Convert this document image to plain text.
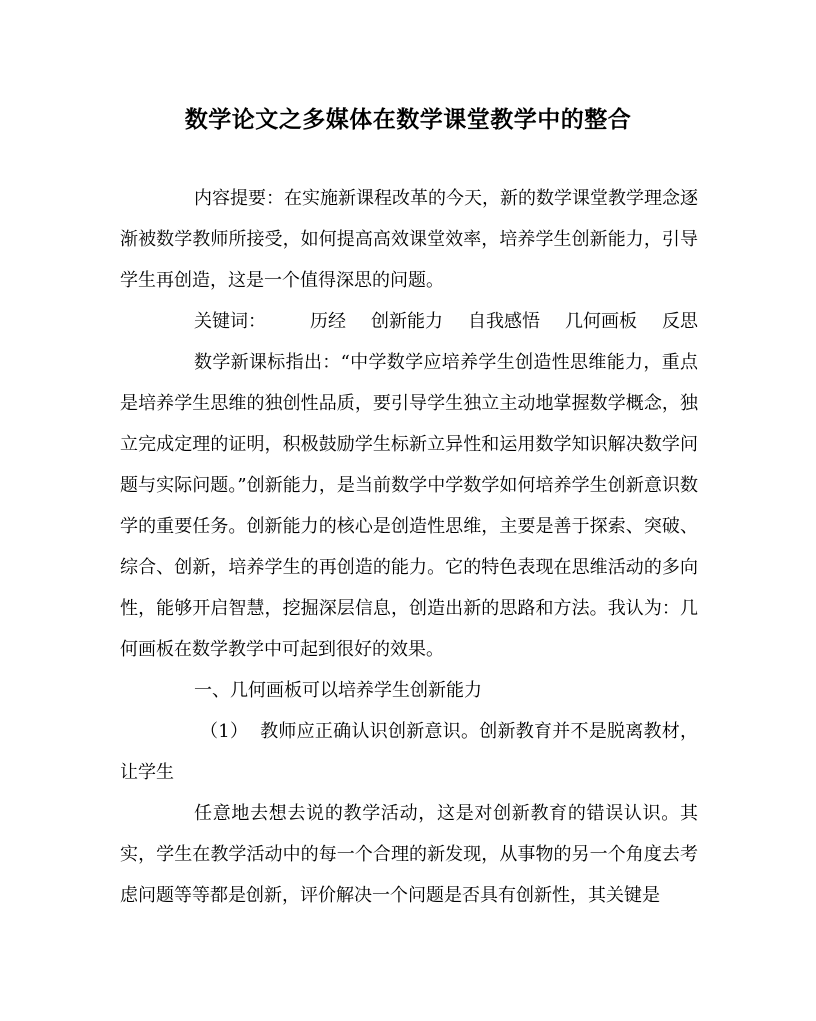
数学论文之多媒体在数学课堂教学中的整合

内容提要：在实施新课程改革的今天，新的数学课堂教学理念逐渐被数学教师所接受，如何提高高效课堂效率，培养学生创新能力，引导学生再创造，这是一个值得深思的问题。

关键词：	历经 创新能力 自我感悟 几何画板 反思

数学新课标指出：“中学数学应培养学生创造性思维能力，重点是培养学生思维的独创性品质，要引导学生独立主动地掌握数学概念，独立完成定理的证明，积极鼓励学生标新立异性和运用数学知识解决数学问题与实际问题。”创新能力，是当前数学中学数学如何培养学生创新意识数学的重要任务。创新能力的核心是创造性思维，主要是善于探索、突破、综合、创新，培养学生的再创造的能力。它的特色表现在思维活动的多向性，能够开启智慧，挖掘深层信息，创造出新的思路和方法。我认为：几何画板在数学教学中可起到很好的效果。

一、几何画板可以培养学生创新能力

（1） 教师应正确认识创新意识。创新教育并不是脱离教材，让学生

任意地去想去说的教学活动，这是对创新教育的错误认识。其实，学生在教学活动中的每一个合理的新发现，从事物的另一个角度去考虑问题等等都是创新，评价解决一个问题是否具有创新性，其关键是
